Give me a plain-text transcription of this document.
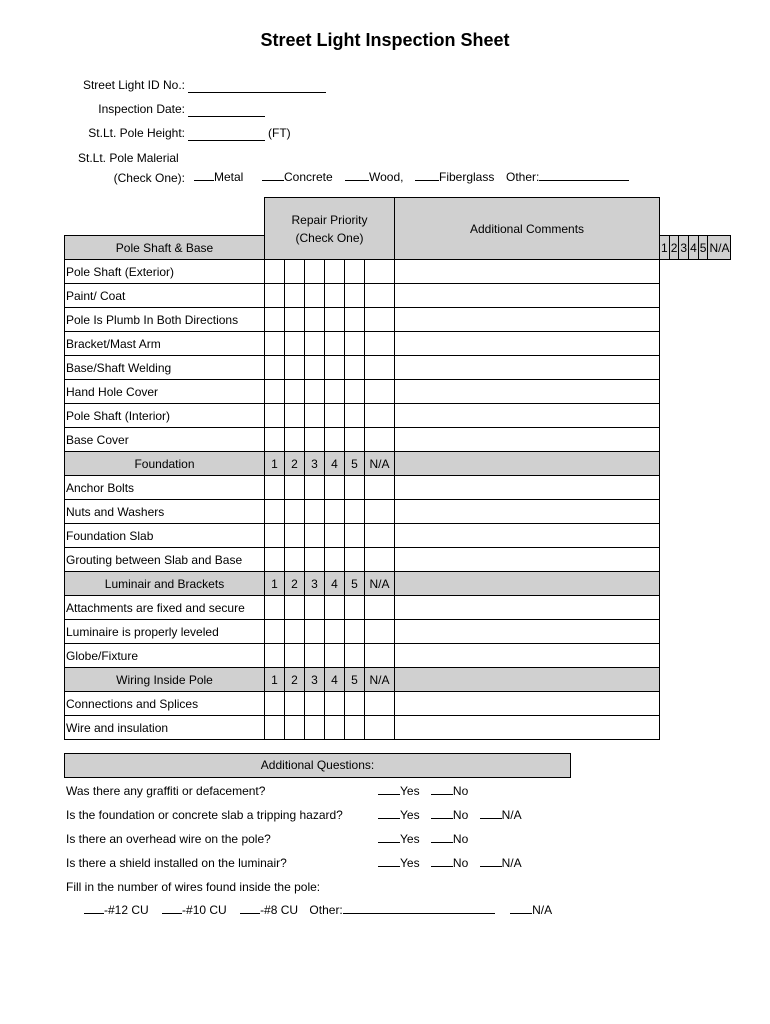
Street Light Inspection Sheet
Street Light ID No.:
Inspection Date:
St.Lt. Pole Height:	(FT)
St.Lt. Pole Malerial
(Check One):	Metal	Concrete	Wood,	Fiberglass Other:

	Repair Priority
(Check One)						Additional Comments						
Pole Shaft & Base								1	2	3	4	5	N/A
Pole Shaft (Exterior)													
Paint/ Coat													
Pole Is Plumb In Both Directions													
Bracket/Mast Arm													
Base/Shaft Welding													
Hand Hole Cover													
Pole Shaft (Interior)													
Base Cover													
Foundation	1	2	3	4	5	N/A							
Anchor Bolts													
Nuts and Washers													
Foundation Slab													
Grouting between Slab and Base													
Luminair and Brackets	1	2	3	4	5	N/A							
Attachments are fixed and secure													
Luminaire is properly leveled													
Globe/Fixture													
Wiring Inside Pole	1	2	3	4	5	N/A							
Connections and Splices													
Wire and insulation													
Additional Questions:
Was there any graffiti or defacement?	Yes	No
Is the foundation or concrete slab a tripping hazard?	Yes	No	N/A
Is there an overhead wire on the pole?	Yes	No
Is there a shield installed on the luminair?	Yes	No	N/A
Fill in the number of wires found inside the pole:
-#12 CU	-#10 CU	-#8 CU Other:	N/A
